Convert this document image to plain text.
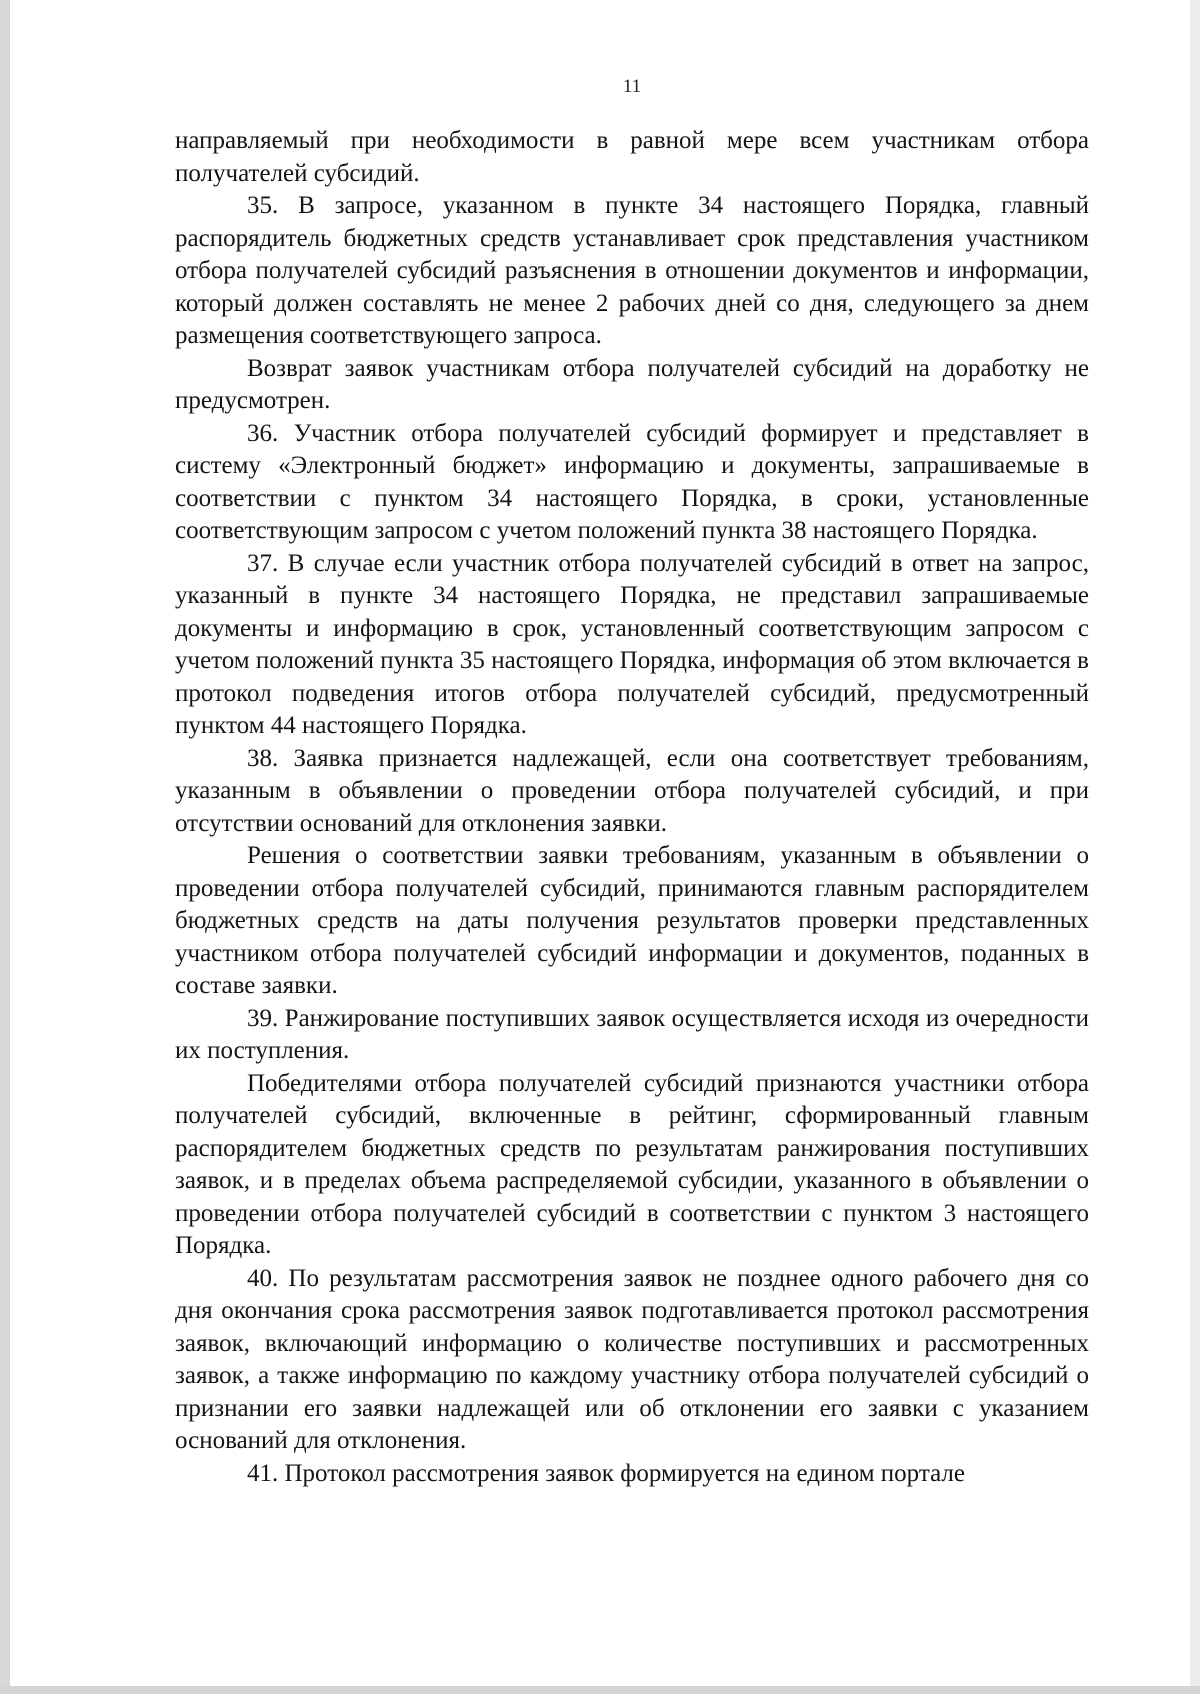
11

направляемый при необходимости в равной мере всем участникам отбора получателей субсидий.

35. В запросе, указанном в пункте 34 настоящего Порядка, главный распорядитель бюджетных средств устанавливает срок представления участником отбора получателей субсидий разъяснения в отношении документов и информации, который должен составлять не менее 2 рабочих дней со дня, следующего за днем размещения соответствующего запроса.

Возврат заявок участникам отбора получателей субсидий на доработку не предусмотрен.

36. Участник отбора получателей субсидий формирует и представляет в систему «Электронный бюджет» информацию и документы, запрашиваемые в соответствии с пунктом 34 настоящего Порядка, в сроки, установленные соответствующим запросом с учетом положений пункта 38 настоящего Порядка.

37. В случае если участник отбора получателей субсидий в ответ на запрос, указанный в пункте 34 настоящего Порядка, не представил запрашиваемые документы и информацию в срок, установленный соответствующим запросом с учетом положений пункта 35 настоящего Порядка, информация об этом включается в протокол подведения итогов отбора получателей субсидий, предусмотренный пунктом 44 настоящего Порядка.

38. Заявка признается надлежащей, если она соответствует требованиям, указанным в объявлении о проведении отбора получателей субсидий, и при отсутствии оснований для отклонения заявки.

Решения о соответствии заявки требованиям, указанным в объявлении о проведении отбора получателей субсидий, принимаются главным распорядителем бюджетных средств на даты получения результатов проверки представленных участником отбора получателей субсидий информации и документов, поданных в составе заявки.

39. Ранжирование поступивших заявок осуществляется исходя из очередности их поступления.

Победителями отбора получателей субсидий признаются участники отбора получателей субсидий, включенные в рейтинг, сформированный главным распорядителем бюджетных средств по результатам ранжирования поступивших заявок, и в пределах объема распределяемой субсидии, указанного в объявлении о проведении отбора получателей субсидий в соответствии с пунктом 3 настоящего Порядка.

40. По результатам рассмотрения заявок не позднее одного рабочего дня со дня окончания срока рассмотрения заявок подготавливается протокол рассмотрения заявок, включающий информацию о количестве поступивших и рассмотренных заявок, а также информацию по каждому участнику отбора получателей субсидий о признании его заявки надлежащей или об отклонении его заявки с указанием оснований для отклонения.

41. Протокол рассмотрения заявок формируется на едином портале
